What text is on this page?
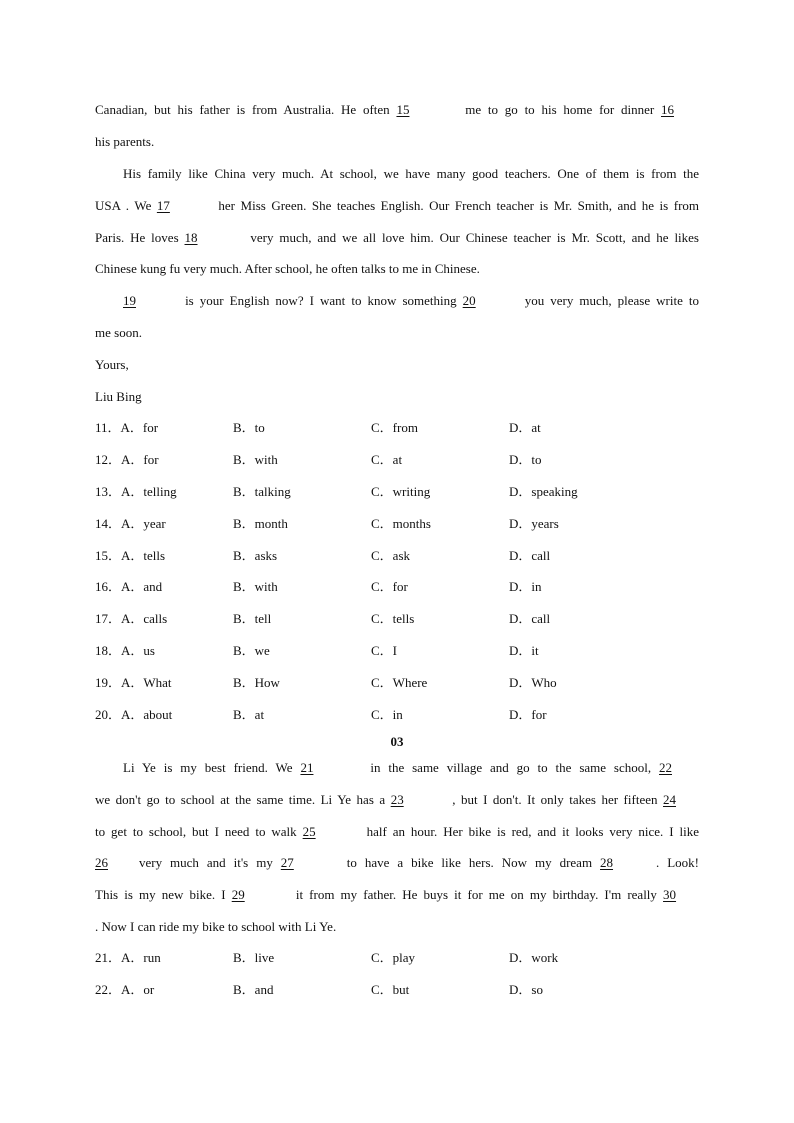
Canadian, but his father is from Australia. He often 15	me to go to his home for dinner 16
his parents.
His family like China very much. At school, we have many good teachers. One of them is from the
USA . We 17	her Miss Green. She teaches English. Our French teacher is Mr. Smith, and he is from
Paris. He loves 18	very much, and we all love him. Our Chinese teacher is Mr. Scott, and he likes
Chinese kung fu very much. After school, he often talks to me in Chinese.
19	is your English now? I want to know something 20	you very much, please write to
me soon.
Yours,
Liu Bing
11．A．for	B．to	C．from	D．at
12．A．for	B．with	C．at	D．to
13．A．telling	B．talking	C．writing	D．speaking
14．A．year	B．month	C．months	D．years
15．A．tells	B．asks	C．ask	D．call
16．A．and	B．with	C．for	D．in
17．A．calls	B．tell	C．tells	D．call
18．A．us	B．we	C．I	D．it
19．A．What	B．How	C．Where	D．Who
20．A．about	B．at	C．in	D．for
03
Li Ye is my best friend. We 21	in the same village and go to the same school, 22
we don't go to school at the same time. Li Ye has a 23	, but I don't. It only takes her fifteen 24
to get to school, but I need to walk 25	half an hour. Her bike is red, and it looks very nice. I like
26 very much and it's my 27	to have a bike like hers. Now my dream 28	. Look!
This is my new bike. I 29	it from my father. He buys it for me on my birthday. I'm really 30
. Now I can ride my bike to school with Li Ye.
21．A．run	B．live	C．play	D．work
22．A．or	B．and	C．but	D．so
